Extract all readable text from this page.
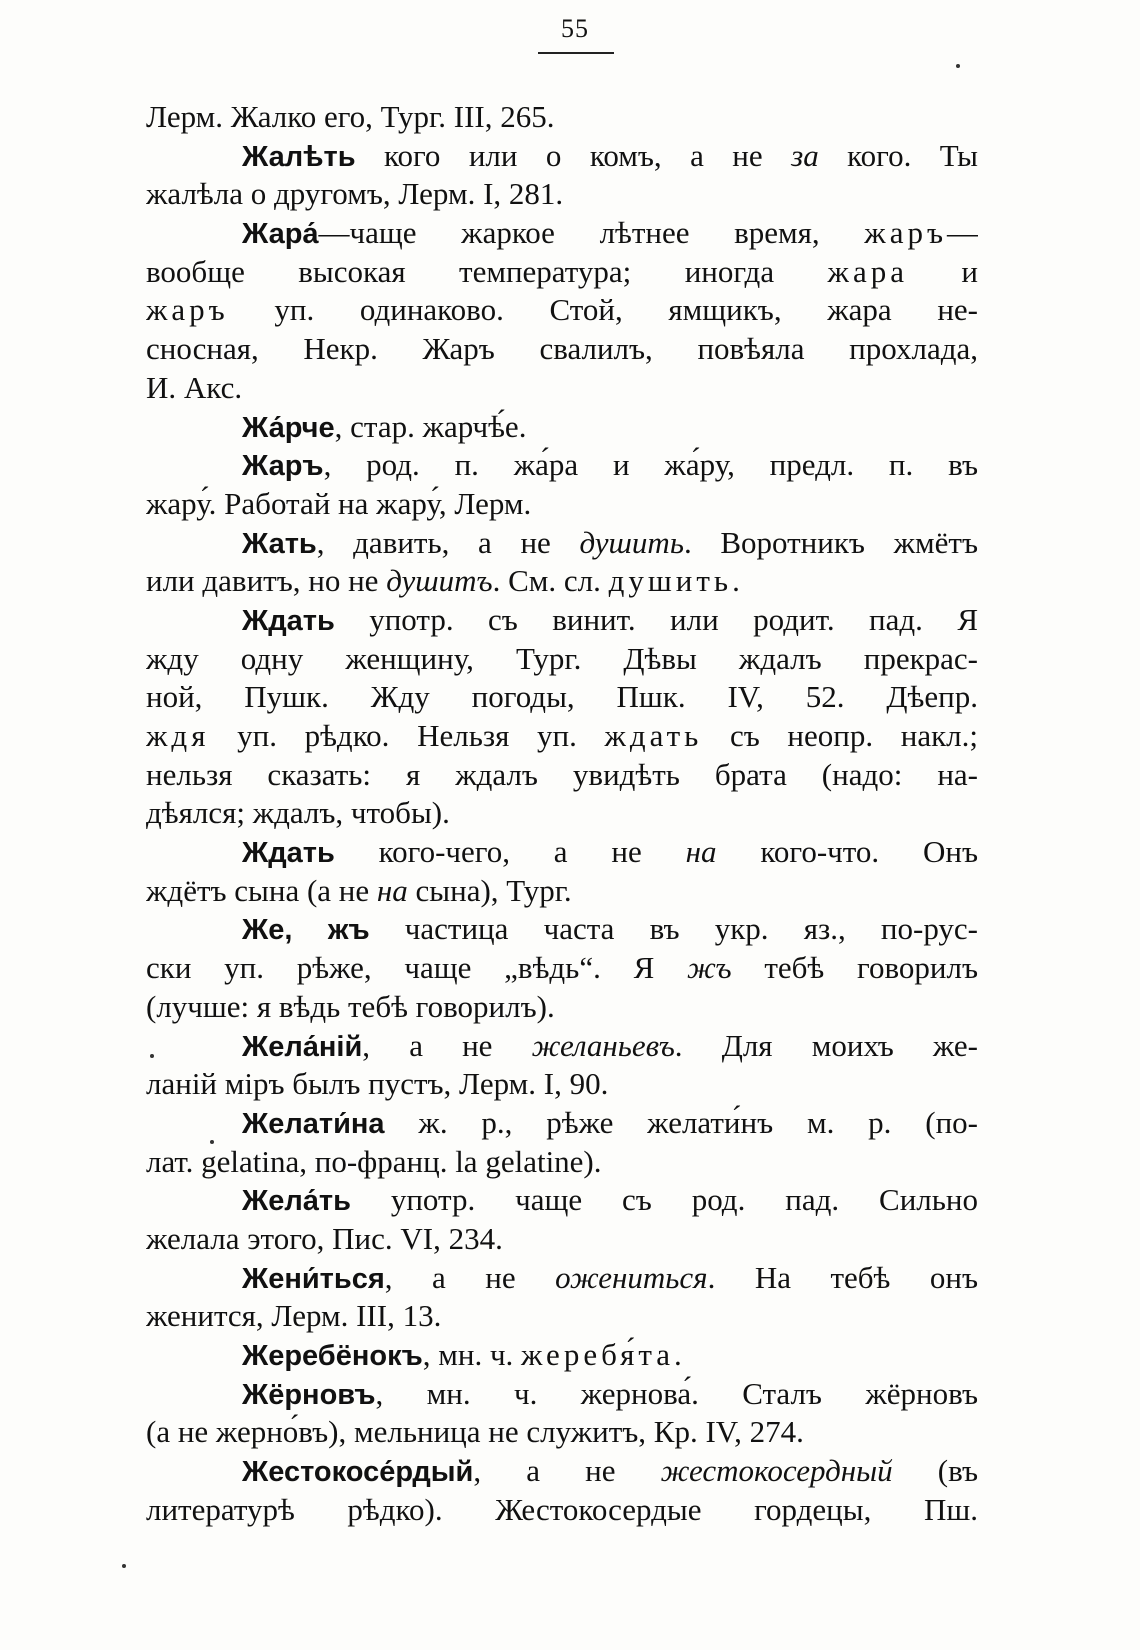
55
Лерм. Жалко его, Тург. III, 265.
Жалѣть кого или о комъ, а не за кого. Ты
жалѣла о другомъ, Лерм. I, 281.
Жара́—чаще жаркое лѣтнее время, жаръ—
вообще высокая температура; иногда жара и
жаръ уп. одинаково. Стой, ямщикъ, жара не-
сносная, Некр. Жаръ свалилъ, повѣяла прохлада,
И. Акс.
Жа́рче, стар. жарчѣ́е.
Жаръ, род. п. жа́ра и жа́ру, предл. п. въ
жару́. Работай на жару́, Лерм.
Жать, давить, а не душить. Воротникъ жмётъ
или давитъ, но не душитъ. См. сл. душить.
Ждать употр. съ винит. или родит. пад. Я
жду одну женщину, Тург. Дѣвы ждалъ прекрас-
ной, Пушк. Жду погоды, Пшк. IV, 52. Дѣепр.
ждя уп. рѣдко. Нельзя уп. ждать съ неопр. накл.;
нельзя сказать: я ждалъ увидѣть брата (надо: на-
дѣялся; ждалъ, чтобы).
Ждать кого-чего, а не на кого-что. Онъ
ждётъ сына (а не на сына), Тург.
Же, жъ частица часта въ укр. яз., по-рус-
ски уп. рѣже, чаще „вѣдь“. Я жъ тебѣ говорилъ
(лучше: я вѣдь тебѣ говорилъ).
Жела́ній, а не желаньевъ. Для моихъ же-
ланій міръ былъ пустъ, Лерм. I, 90.
Желати́на ж. р., рѣже желати́нъ м. р. (по-
лат. gelatina, по-франц. la gelatine).
Жела́ть употр. чаще съ род. пад. Сильно
желала этого, Пис. VI, 234.
Жени́ться, а не ожениться. На тебѣ онъ
женится, Лерм. III, 13.
Жеребёнокъ, мн. ч. жеребя́та.
Жёрновъ, мн. ч. жернова́. Сталъ жёрновъ
(а не жерно́въ), мельница не служитъ, Кр. IV, 274.
Жестокосе́рдый, а не жестокосердный (въ
литературѣ рѣдко). Жестокосердые гордецы, Пш.
